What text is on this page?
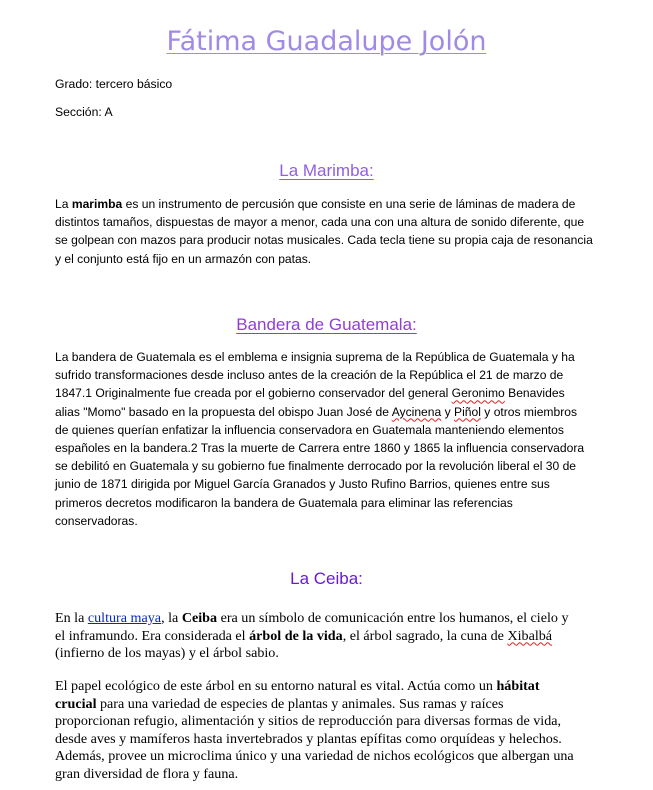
Fátima Guadalupe Jolón
Grado: tercero básico
Sección: A
La Marimba:
La marimba es un instrumento de percusión que consiste en una serie de láminas de madera de
distintos tamaños, dispuestas de mayor a menor, cada una con una altura de sonido diferente, que
se golpean con mazos para producir notas musicales. Cada tecla tiene su propia caja de resonancia
y el conjunto está fijo en un armazón con patas.
Bandera de Guatemala:
La bandera de Guatemala es el emblema e insignia suprema de la República de Guatemala y ha
sufrido transformaciones desde incluso antes de la creación de la República el 21 de marzo de
1847.1 Originalmente fue creada por el gobierno conservador del general Geronimo Benavides
alias "Momo" basado en la propuesta del obispo Juan José de Aycinena y Piñol y otros miembros
de quienes querían enfatizar la influencia conservadora en Guatemala manteniendo elementos
españoles en la bandera.2 Tras la muerte de Carrera entre 1860 y 1865 la influencia conservadora
se debilitó en Guatemala y su gobierno fue finalmente derrocado por la revolución liberal el 30 de
junio de 1871 dirigida por Miguel García Granados y Justo Rufino Barrios, quienes entre sus
primeros decretos modificaron la bandera de Guatemala para eliminar las referencias
conservadoras.
La Ceiba:
En la cultura maya, la Ceiba era un símbolo de comunicación entre los humanos, el cielo y
el inframundo. Era considerada el árbol de la vida, el árbol sagrado, la cuna de Xibalbá
(infierno de los mayas) y el árbol sabio.
El papel ecológico de este árbol en su entorno natural es vital. Actúa como un hábitat
crucial para una variedad de especies de plantas y animales. Sus ramas y raíces
proporcionan refugio, alimentación y sitios de reproducción para diversas formas de vida,
desde aves y mamíferos hasta invertebrados y plantas epífitas como orquídeas y helechos.
Además, provee un microclima único y una variedad de nichos ecológicos que albergan una
gran diversidad de flora y fauna.
